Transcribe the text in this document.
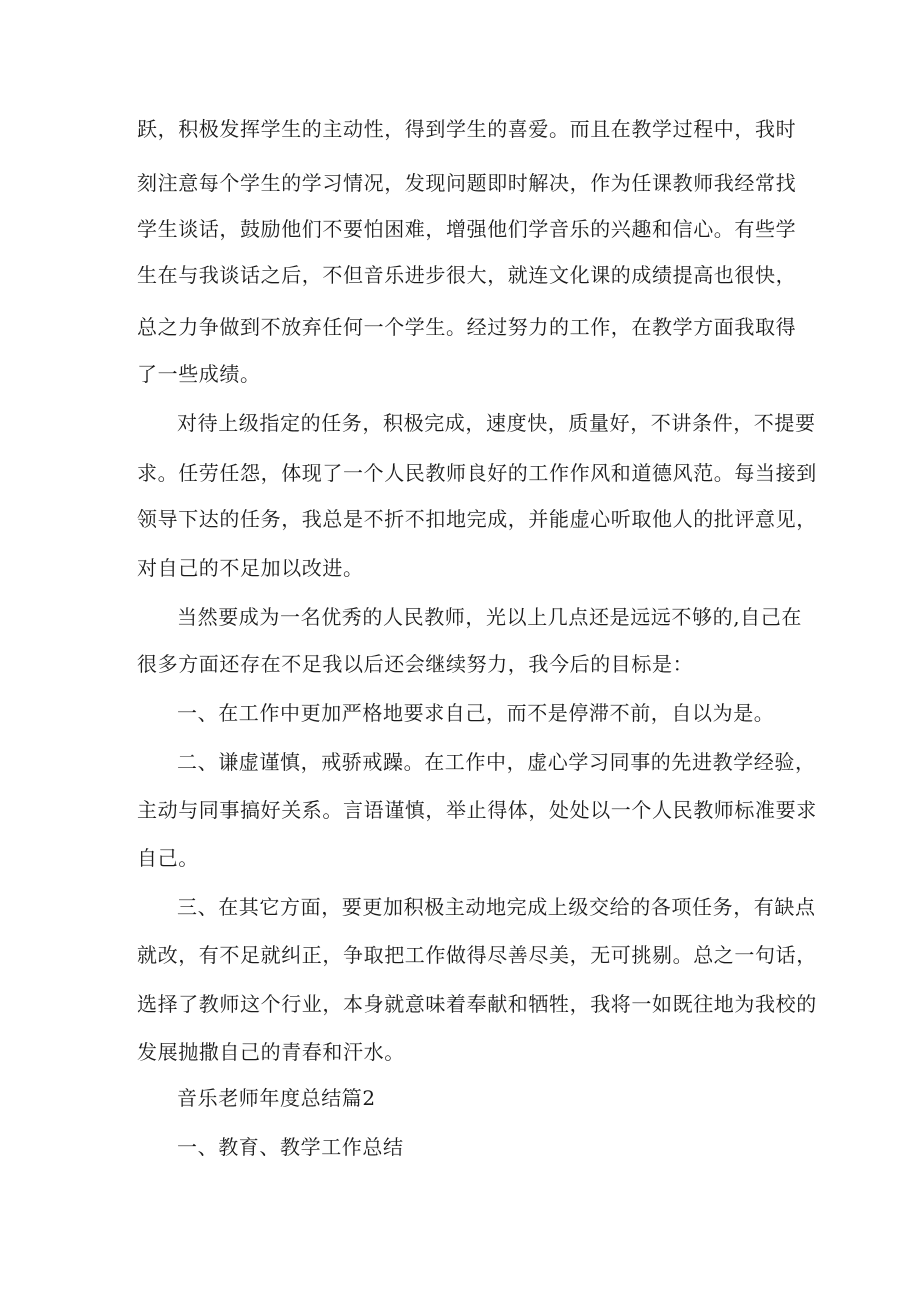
跃，积极发挥学生的主动性，得到学生的喜爱。而且在教学过程中，我时
刻注意每个学生的学习情况，发现问题即时解决，作为任课教师我经常找
学生谈话，鼓励他们不要怕困难，增强他们学音乐的兴趣和信心。有些学
生在与我谈话之后，不但音乐进步很大，就连文化课的成绩提高也很快，
总之力争做到不放弃任何一个学生。经过努力的工作，在教学方面我取得
了一些成绩。
对待上级指定的任务，积极完成，速度快，质量好，不讲条件，不提要
求。任劳任怨，体现了一个人民教师良好的工作作风和道德风范。每当接到
领导下达的任务，我总是不折不扣地完成，并能虚心听取他人的批评意见，
对自己的不足加以改进。
当然要成为一名优秀的人民教师，光以上几点还是远远不够的,自己在
很多方面还存在不足我以后还会继续努力，我今后的目标是：
一、在工作中更加严格地要求自己，而不是停滞不前，自以为是。
二、谦虚谨慎，戒骄戒躁。在工作中，虚心学习同事的先进教学经验，
主动与同事搞好关系。言语谨慎，举止得体，处处以一个人民教师标准要求
自己。
三、在其它方面，要更加积极主动地完成上级交给的各项任务，有缺点
就改，有不足就纠正，争取把工作做得尽善尽美，无可挑剔。总之一句话，
选择了教师这个行业，本身就意味着奉献和牺牲，我将一如既往地为我校的
发展抛撒自己的青春和汗水。
音乐老师年度总结篇2
一、教育、教学工作总结
